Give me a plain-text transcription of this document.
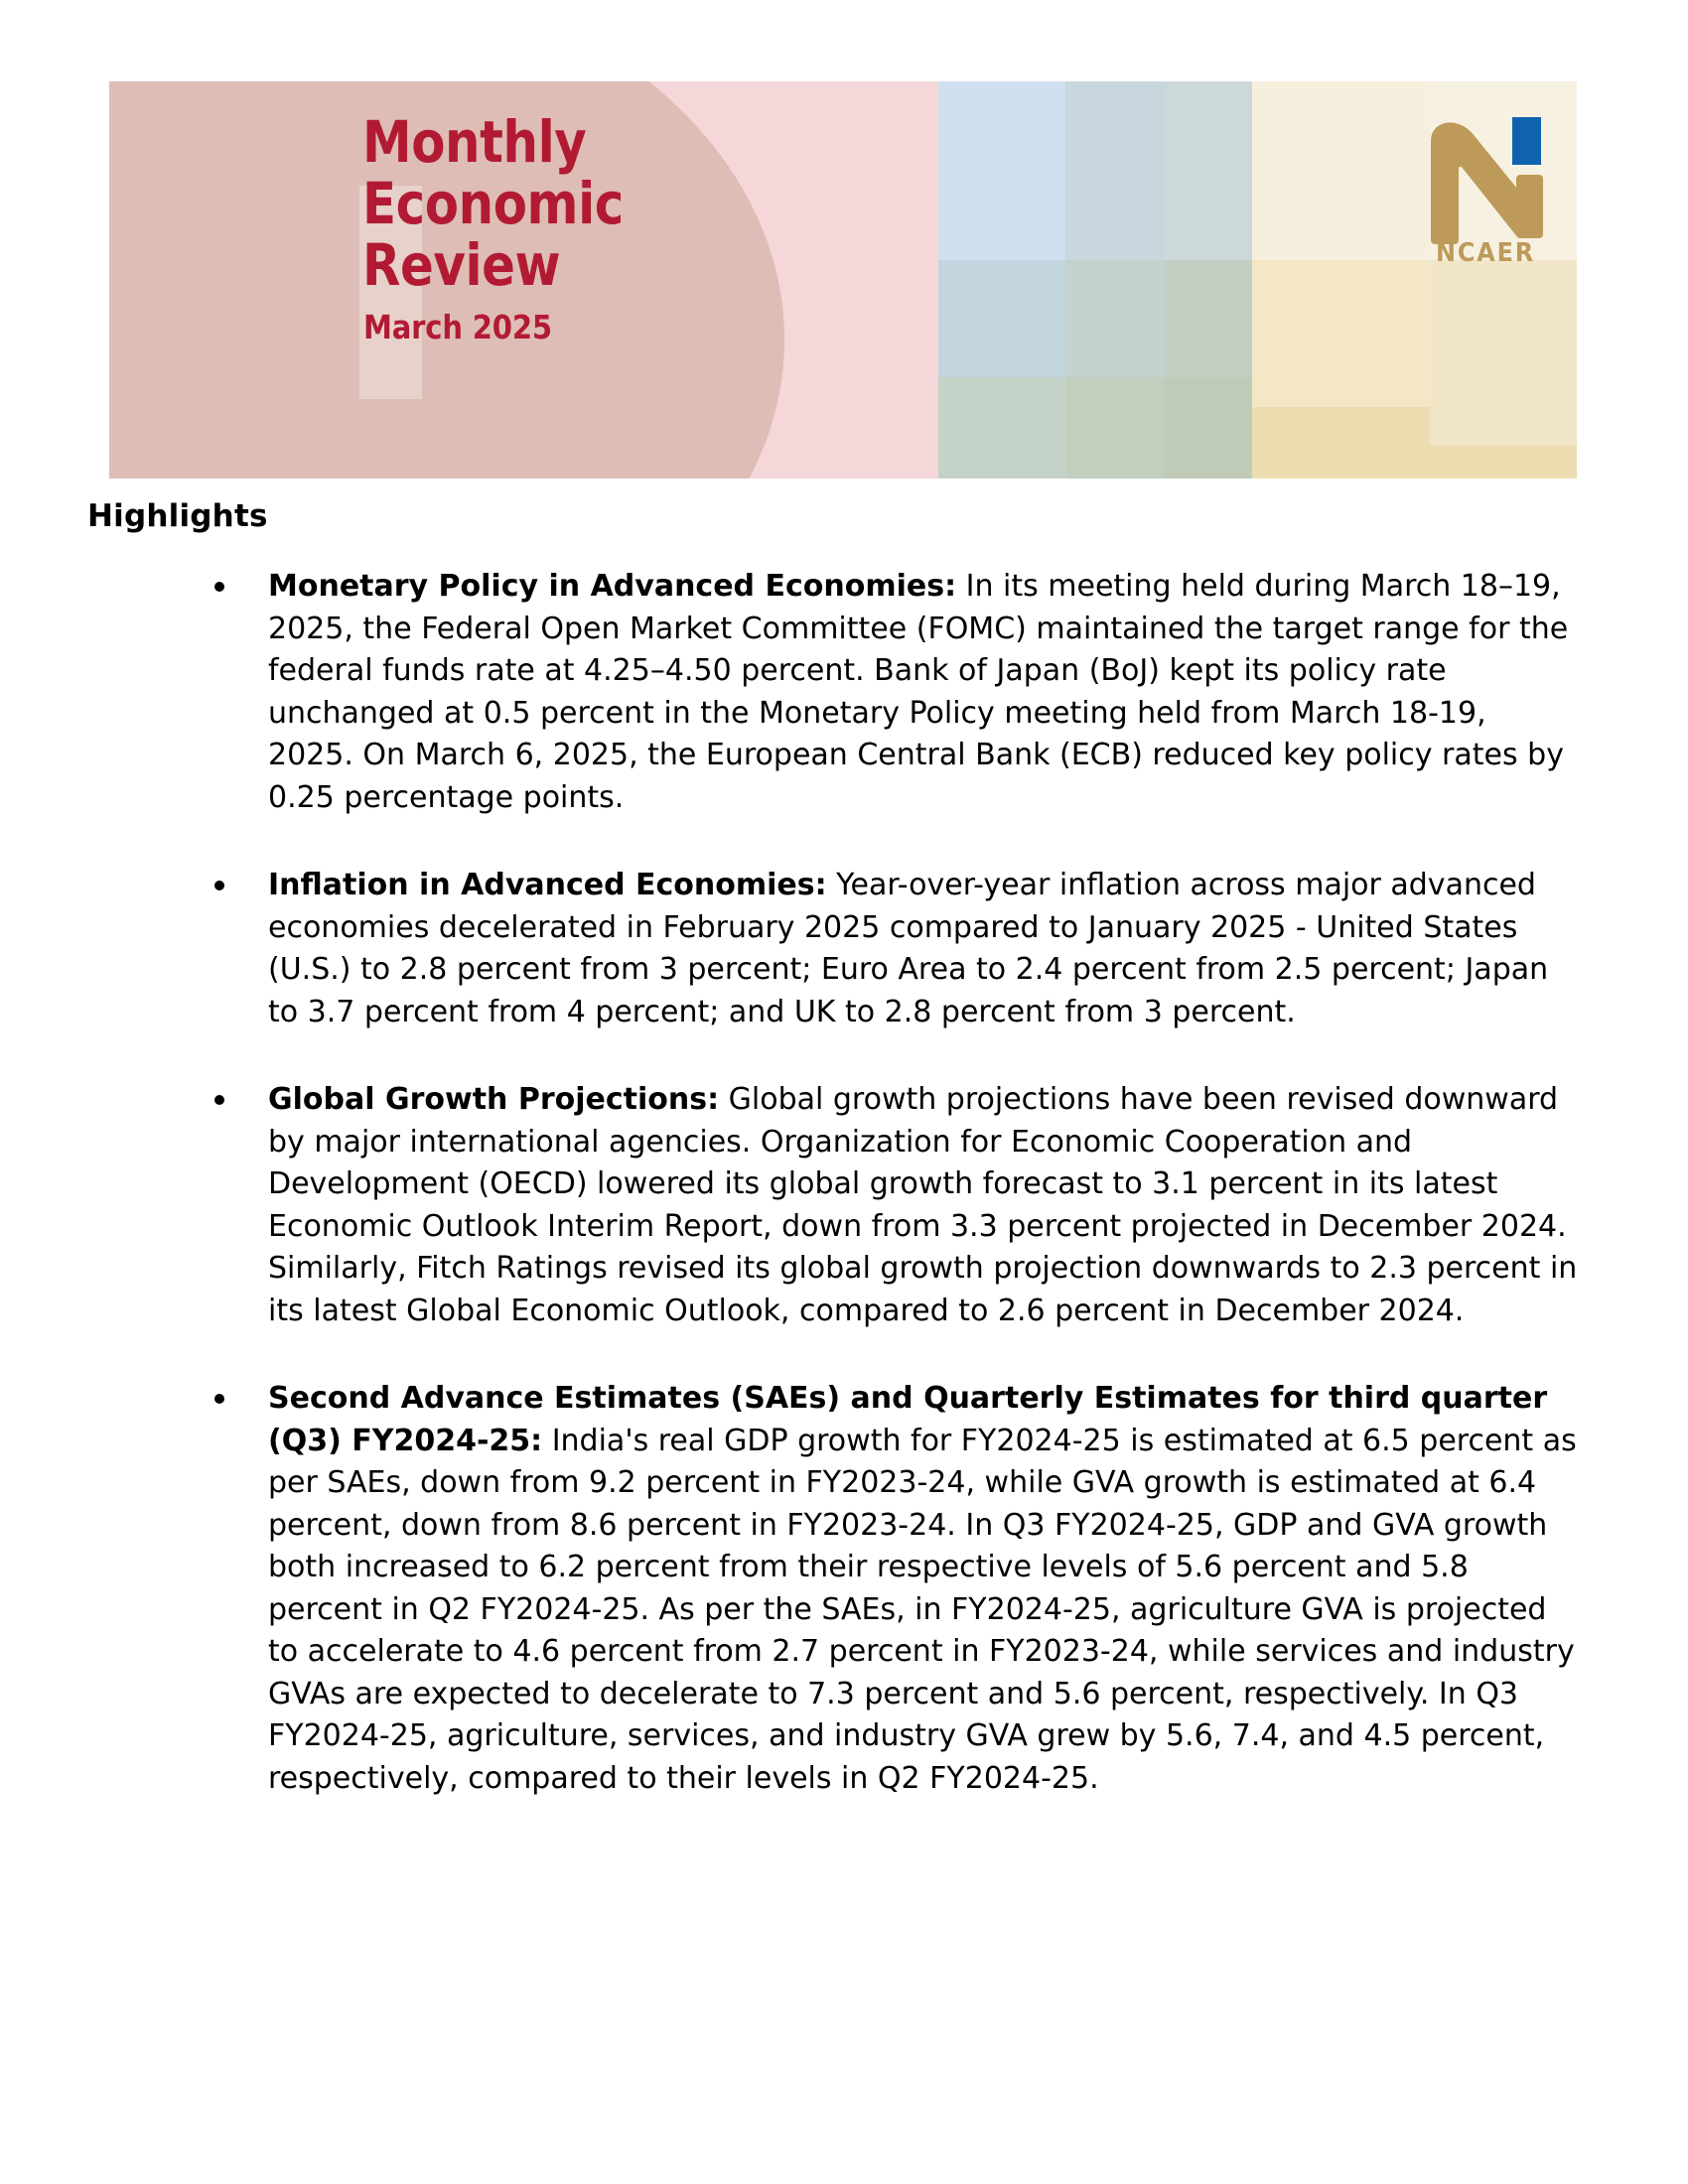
Monthly
Economic
Review
March 2025
NCAER
Highlights
Monetary Policy in Advanced Economies: In its meeting held during March 18–19, 2025, the Federal Open Market Committee (FOMC) maintained the target range for the federal funds rate at 4.25–4.50 percent. Bank of Japan (BoJ) kept its policy rate unchanged at 0.5 percent in the Monetary Policy meeting held from March 18-19, 2025. On March 6, 2025, the European Central Bank (ECB) reduced key policy rates by 0.25 percentage points.
Inflation in Advanced Economies: Year-over-year inflation across major advanced economies decelerated in February 2025 compared to January 2025 - United States (U.S.) to 2.8 percent from 3 percent; Euro Area to 2.4 percent from 2.5 percent; Japan to 3.7 percent from 4 percent; and UK to 2.8 percent from 3 percent.
Global Growth Projections: Global growth projections have been revised downward by major international agencies. Organization for Economic Cooperation and Development (OECD) lowered its global growth forecast to 3.1 percent in its latest Economic Outlook Interim Report, down from 3.3 percent projected in December 2024. Similarly, Fitch Ratings revised its global growth projection downwards to 2.3 percent in its latest Global Economic Outlook, compared to 2.6 percent in December 2024.
Second Advance Estimates (SAEs) and Quarterly Estimates for third quarter (Q3) FY2024-25: India's real GDP growth for FY2024-25 is estimated at 6.5 percent as per SAEs, down from 9.2 percent in FY2023-24, while GVA growth is estimated at 6.4 percent, down from 8.6 percent in FY2023-24. In Q3 FY2024-25, GDP and GVA growth both increased to 6.2 percent from their respective levels of 5.6 percent and 5.8 percent in Q2 FY2024-25. As per the SAEs, in FY2024-25, agriculture GVA is projected to accelerate to 4.6 percent from 2.7 percent in FY2023-24, while services and industry GVAs are expected to decelerate to 7.3 percent and 5.6 percent, respectively. In Q3 FY2024-25, agriculture, services, and industry GVA grew by 5.6, 7.4, and 4.5 percent, respectively, compared to their levels in Q2 FY2024-25.
